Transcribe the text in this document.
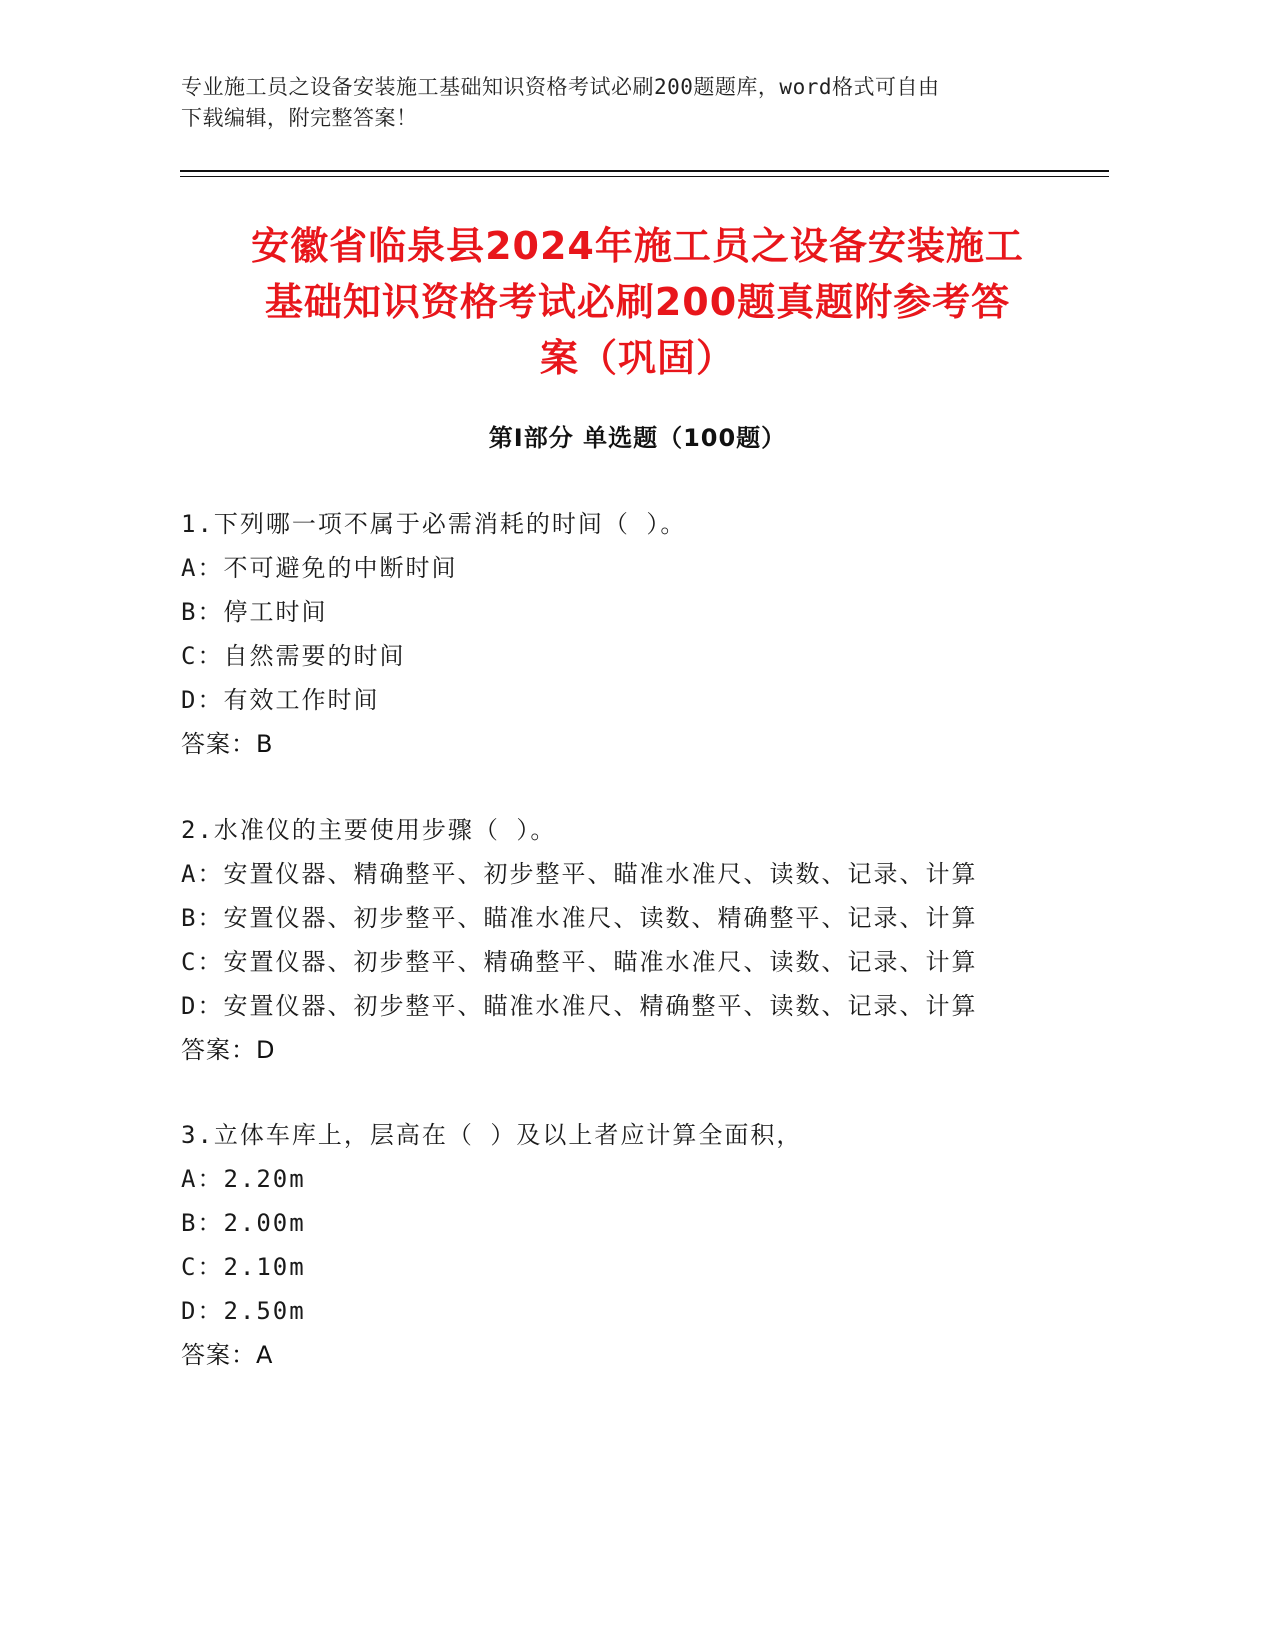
专业施工员之设备安装施工基础知识资格考试必刷200题题库，word格式可自由
下载编辑，附完整答案！
安徽省临泉县2024年施工员之设备安装施工
基础知识资格考试必刷200题真题附参考答
案（巩固）
第Ⅰ部分 单选题（100题）
1.下列哪一项不属于必需消耗的时间（ ）。
A：不可避免的中断时间
B：停工时间
C：自然需要的时间
D：有效工作时间
答案：B
2.水准仪的主要使用步骤（ ）。
A：安置仪器、精确整平、初步整平、瞄准水准尺、读数、记录、计算
B：安置仪器、初步整平、瞄准水准尺、读数、精确整平、记录、计算
C：安置仪器、初步整平、精确整平、瞄准水准尺、读数、记录、计算
D：安置仪器、初步整平、瞄准水准尺、精确整平、读数、记录、计算
答案：D
3.立体车库上，层高在（ ）及以上者应计算全面积，
A：2.20m
B：2.00m
C：2.10m
D：2.50m
答案：A
